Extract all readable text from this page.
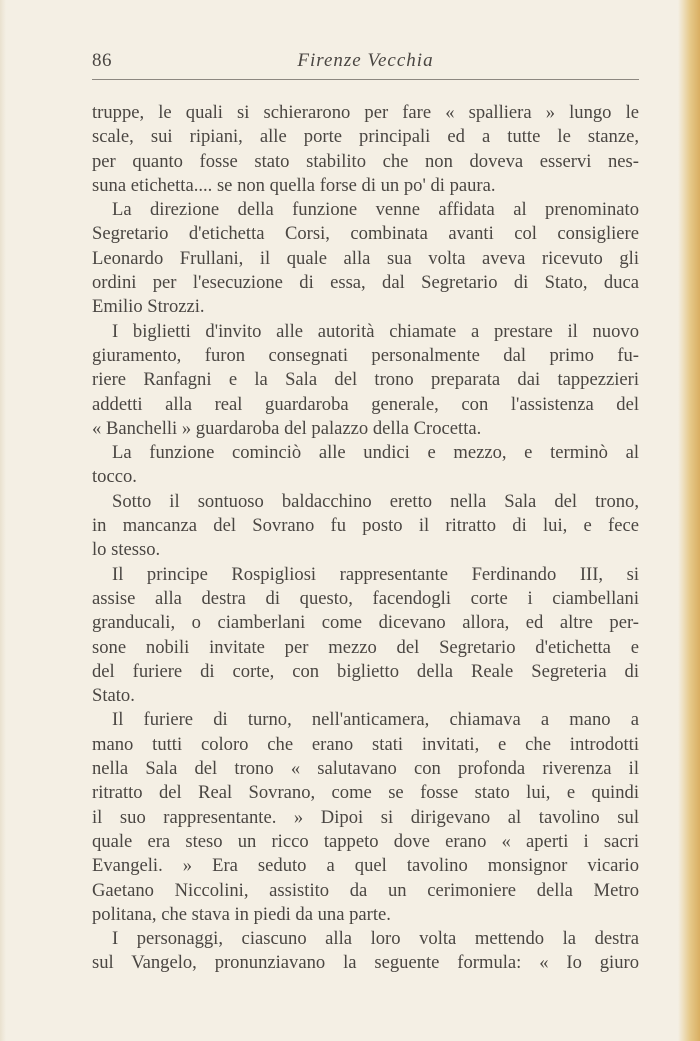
86	Firenze Vecchia
truppe, le quali si schierarono per fare « spalliera » lungo le
scale, sui ripiani, alle porte principali ed a tutte le stanze,
per quanto fosse stato stabilito che non doveva esservi nes-
suna etichetta.... se non quella forse di un po' di paura.
La direzione della funzione venne affidata al prenominato
Segretario d'etichetta Corsi, combinata avanti col consigliere
Leonardo Frullani, il quale alla sua volta aveva ricevuto gli
ordini per l'esecuzione di essa, dal Segretario di Stato, duca
Emilio Strozzi.
I biglietti d'invito alle autorità chiamate a prestare il nuovo
giuramento, furon consegnati personalmente dal primo fu-
riere Ranfagni e la Sala del trono preparata dai tappezzieri
addetti alla real guardaroba generale, con l'assistenza del
« Banchelli » guardaroba del palazzo della Crocetta.
La funzione cominciò alle undici e mezzo, e terminò al
tocco.
Sotto il sontuoso baldacchino eretto nella Sala del trono,
in mancanza del Sovrano fu posto il ritratto di lui, e fece
lo stesso.
Il principe Rospigliosi rappresentante Ferdinando III, si
assise alla destra di questo, facendogli corte i ciambellani
granducali, o ciamberlani come dicevano allora, ed altre per-
sone nobili invitate per mezzo del Segretario d'etichetta e
del furiere di corte, con biglietto della Reale Segreteria di
Stato.
Il furiere di turno, nell'anticamera, chiamava a mano a
mano tutti coloro che erano stati invitati, e che introdotti
nella Sala del trono « salutavano con profonda riverenza il
ritratto del Real Sovrano, come se fosse stato lui, e quindi
il suo rappresentante. » Dipoi si dirigevano al tavolino sul
quale era steso un ricco tappeto dove erano « aperti i sacri
Evangeli. » Era seduto a quel tavolino monsignor vicario
Gaetano Niccolini, assistito da un cerimoniere della Metro
politana, che stava in piedi da una parte.
I personaggi, ciascuno alla loro volta mettendo la destra
sul Vangelo, pronunziavano la seguente formula: « Io giuro
